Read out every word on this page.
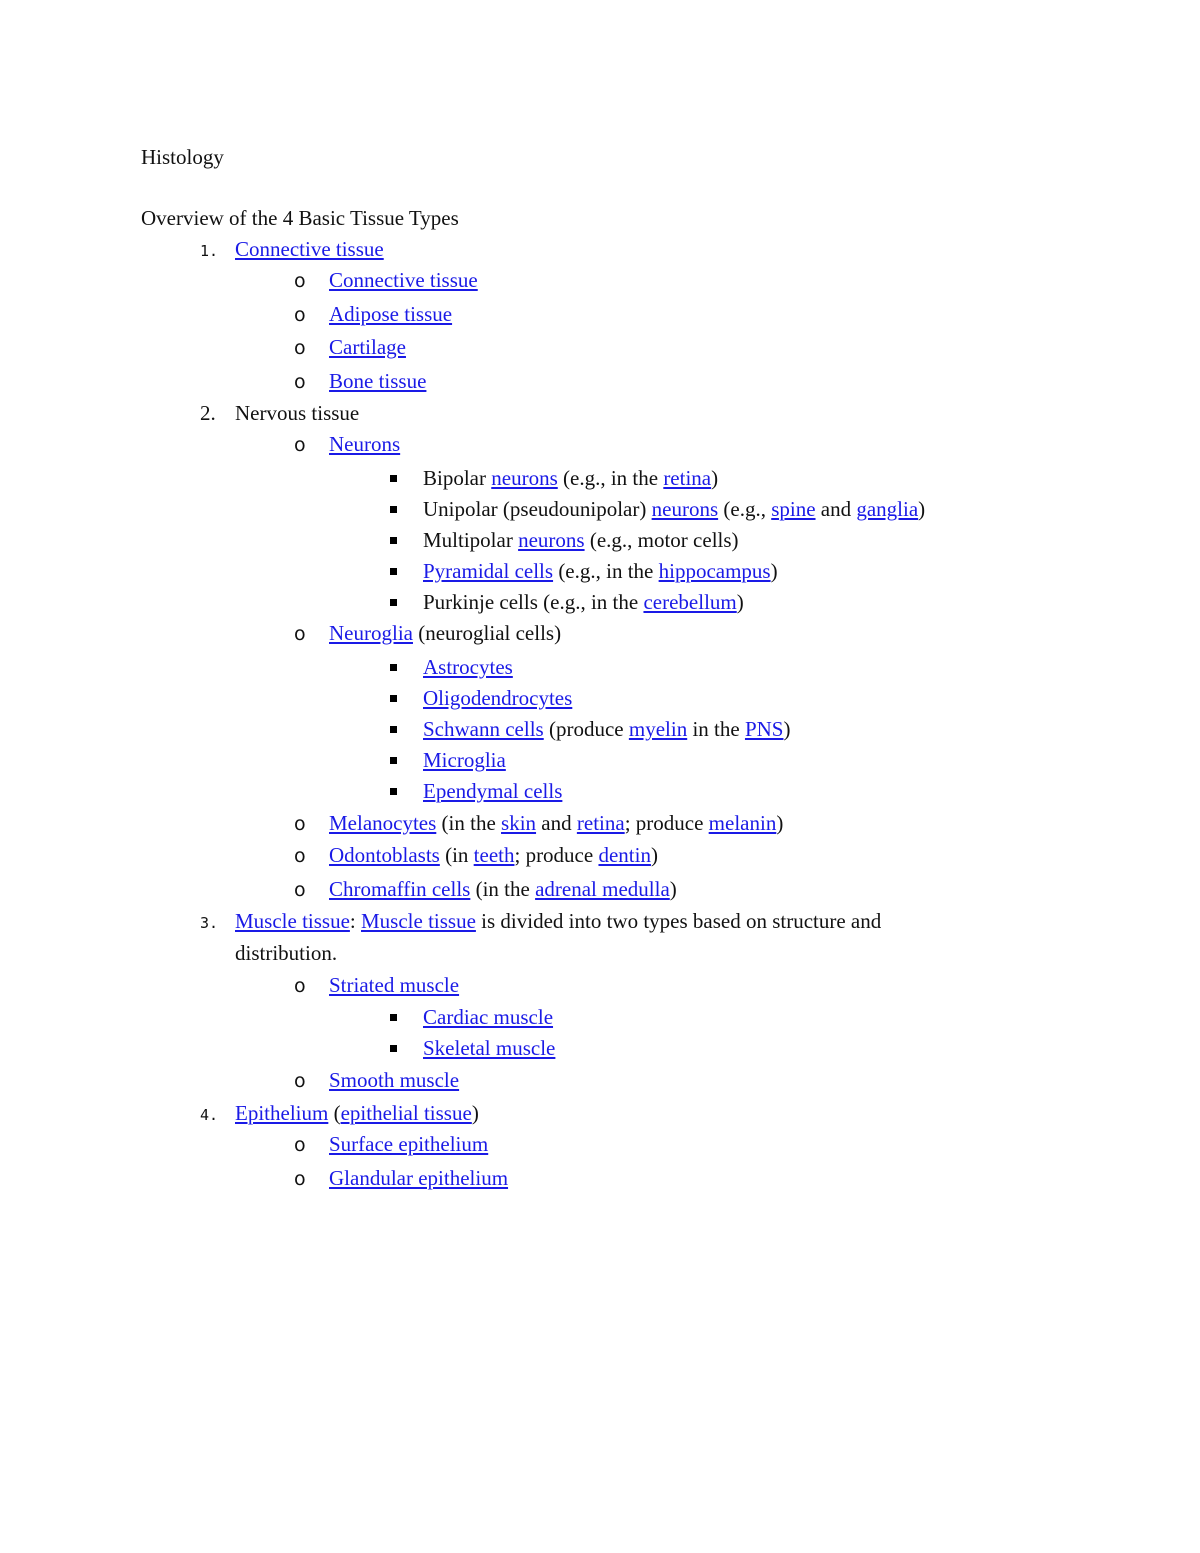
Histology
Overview of the 4 Basic Tissue Types
1. Connective tissue
o Connective tissue
o Adipose tissue
o Cartilage
o Bone tissue
2. Nervous tissue
o Neurons
Bipolar neurons (e.g., in the retina)
Unipolar (pseudounipolar) neurons (e.g., spine and ganglia)
Multipolar neurons (e.g., motor cells)
Pyramidal cells (e.g., in the hippocampus)
Purkinje cells (e.g., in the cerebellum)
o Neuroglia (neuroglial cells)
Astrocytes
Oligodendrocytes
Schwann cells (produce myelin in the PNS)
Microglia
Ependymal cells
o Melanocytes (in the skin and retina; produce melanin)
o Odontoblasts (in teeth; produce dentin)
o Chromaffin cells (in the adrenal medulla)
3. Muscle tissue: Muscle tissue is divided into two types based on structure and
distribution.
o Striated muscle
Cardiac muscle
Skeletal muscle
o Smooth muscle
4. Epithelium (epithelial tissue)
o Surface epithelium
o Glandular epithelium
